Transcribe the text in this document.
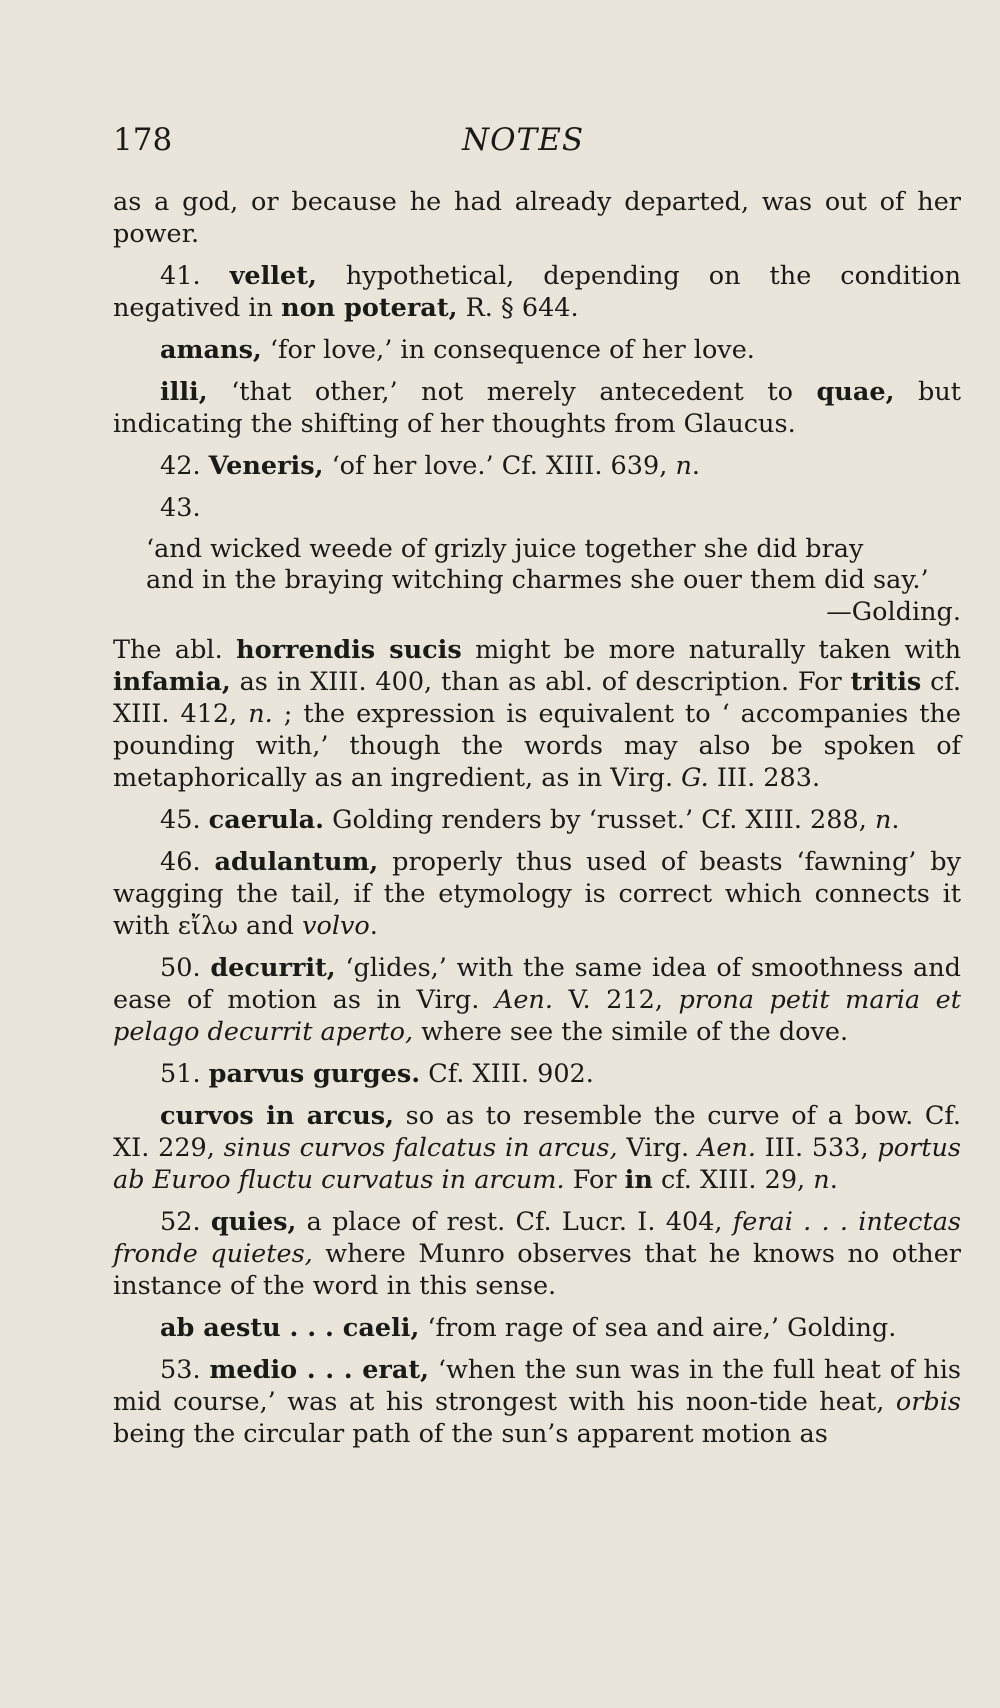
178	NOTES

as a god, or because he had already departed, was out of her power.

41. vellet, hypothetical, depending on the condition negatived in non poterat, R. § 644.

amans, ‘for love,’ in consequence of her love.

illi, ‘that other,’ not merely antecedent to quae, but indicating the shifting of her thoughts from Glaucus.

42. Veneris, ‘of her love.’ Cf. XIII. 639, n.

43.

‘and wicked weede of grizly juice together she did bray

and in the braying witching charmes she ouer them did say.’

—Golding.

The abl. horrendis sucis might be more naturally taken with infamia, as in XIII. 400, than as abl. of description. For tritis cf. XIII. 412, n. ; the expression is equivalent to ‘ accompanies the pounding with,’ though the words may also be spoken of metaphorically as an ingredient, as in Virg. G. III. 283.

45. caerula. Golding renders by ‘russet.’ Cf. XIII. 288, n.

46. adulantum, properly thus used of beasts ‘fawning’ by wagging the tail, if the etymology is correct which connects it with εἴλω and volvo.

50. decurrit, ‘glides,’ with the same idea of smoothness and ease of motion as in Virg. Aen. V. 212, prona petit maria et pelago decurrit aperto, where see the simile of the dove.

51. parvus gurges. Cf. XIII. 902.

curvos in arcus, so as to resemble the curve of a bow. Cf. XI. 229, sinus curvos falcatus in arcus, Virg. Aen. III. 533, portus ab Euroo fluctu curvatus in arcum. For in cf. XIII. 29, n.

52. quies, a place of rest. Cf. Lucr. I. 404, ferai . . . intectas fronde quietes, where Munro observes that he knows no other instance of the word in this sense.

ab aestu . . . caeli, ‘from rage of sea and aire,’ Golding.

53. medio . . . erat, ‘when the sun was in the full heat of his mid course,’ was at his strongest with his noon-tide heat, orbis being the circular path of the sun’s apparent motion as
